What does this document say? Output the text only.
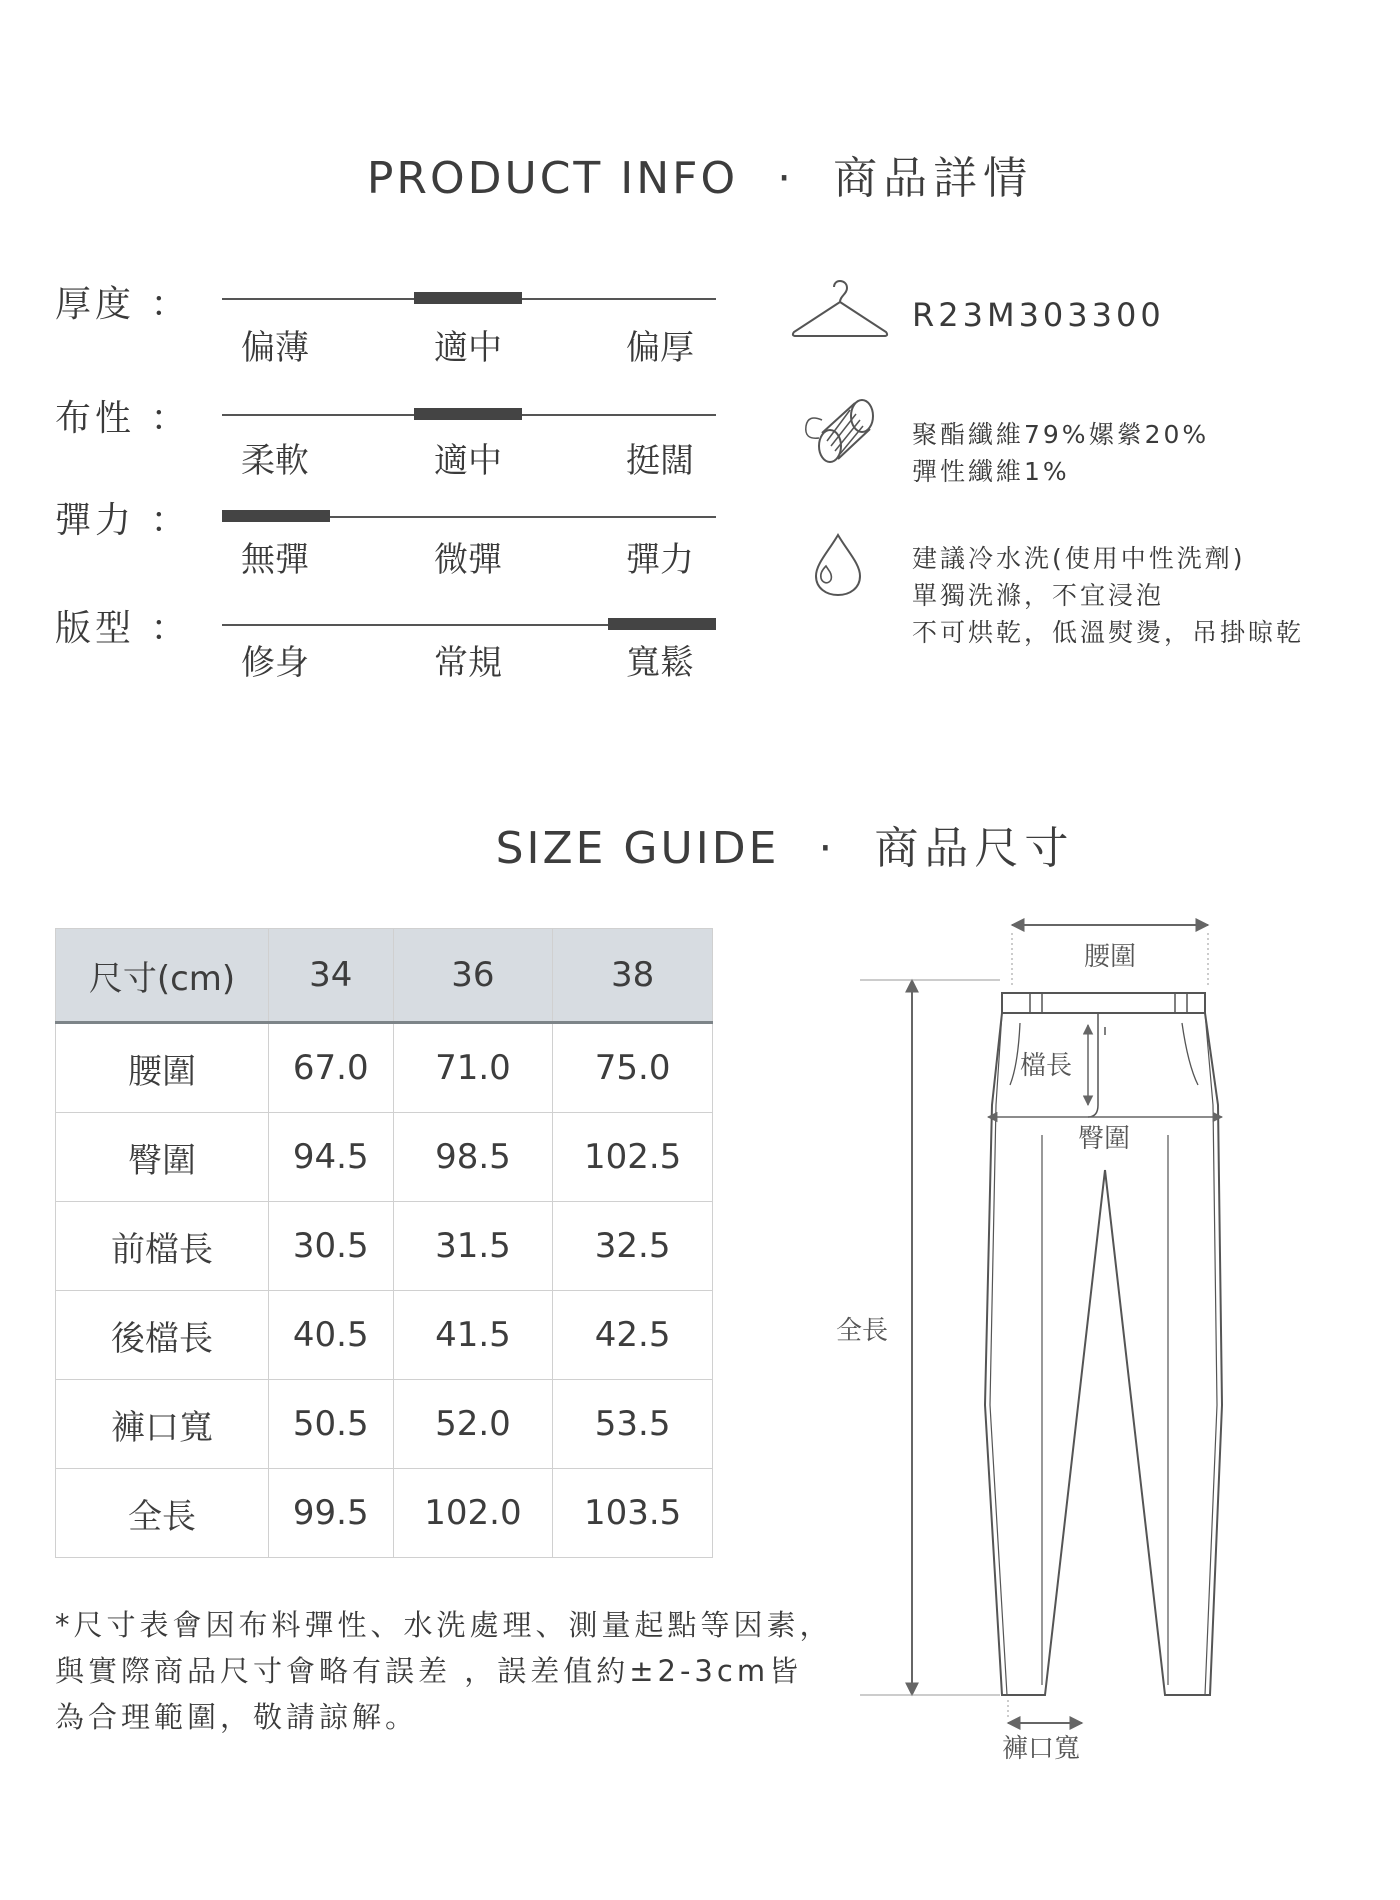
PRODUCT INFO · 商品詳情
厚度 ：
偏薄	適中	偏厚
布性 ：
柔軟	適中	挺闊
彈力 ：
無彈	微彈	彈力
版型 ：
修身	常規	寬鬆
R23M303300
聚酯纖維79%嫘縈20%
彈性纖維1%
建議冷水洗(使用中性洗劑)
單獨洗滌，不宜浸泡
不可烘乾，低溫熨燙，吊掛晾乾
SIZE GUIDE · 商品尺寸
尺寸(cm)	34	36	38
腰圍	67.0	71.0	75.0
臀圍	94.5	98.5	102.5
前檔長	30.5	31.5	32.5
後檔長	40.5	41.5	42.5
褲口寬	50.5	52.0	53.5
全長	99.5	102.0	103.5
*尺寸表會因布料彈性、水洗處理、測量起點等因素，
與實際商品尺寸會略有誤差 ，誤差值約±2-3cm皆
為合理範圍，敬請諒解。
腰圍
檔長
臀圍
全長
褲口寬
